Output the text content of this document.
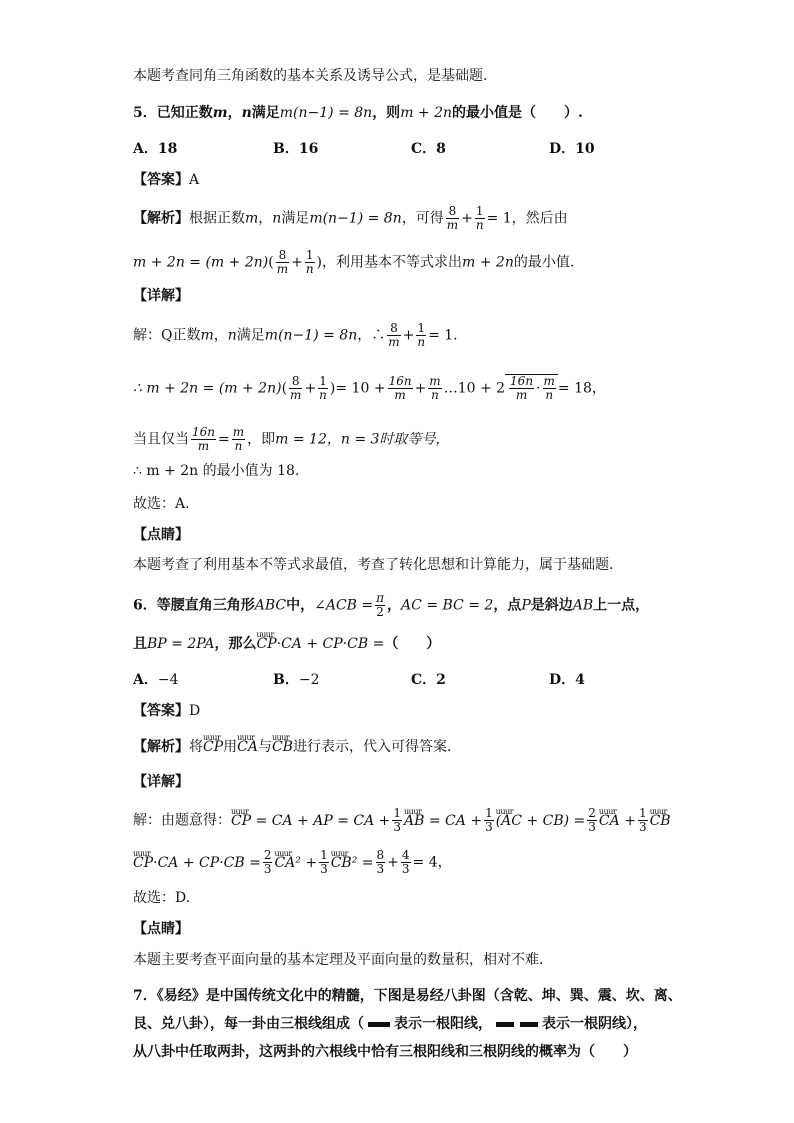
本题考查同角三角函数的基本关系及诱导公式，是基础题.
5．已知正数m，n满足m(n−1) = 8n，则m + 2n的最小值是（　　）.
A．18	B．16	C．8	D．10
【答案】A
【解析】根据正数m，n满足m(n−1) = 8n，可得 $\frac{8}{m} + \frac{1}{n} = 1$，然后由
$m + 2n = (m + 2n)( \frac{8}{m} + \frac{1}{n}$ )，利用基本不等式求出m + 2n的最小值.
【详解】
解：Q正数m，n满足m(n−1) = 8n，∴ $\frac{8}{m} + \frac{1}{n} = 1$.
∴ $m + 2n = (m + 2n)( \frac{8}{m} + \frac{1}{n}$ )= $10 + \frac{16n}{m} + \frac{m}{n}$ …10 + $2 \frac{16n}{m} \cdot \frac{m}{n} = 18$，
当且仅当 $\frac{16n}{m} = \frac{m}{n}$ ，即m = 12，n = 3时取等号，
∴ m + 2n 的最小值为 18.
故选：A.
【点睛】
本题考查了利用基本不等式求最值，考查了转化思想和计算能力，属于基础题.
6．等腰直角三角形ABC中，∠ACB = $\frac{\pi}{2}$ ，AC = BC = 2，点P是斜边AB上一点，
且BP = 2PA，那么uuur CP·CA + CP·CB =（　　）
A．−4	B．−2	C．2	D．4
【答案】D
【解析】将uuur CP用uuur CA与uuur CB进行表示，代入可得答案.
【详解】
解：由题意得：uuur CP = CA + AP = CA + $\frac{1}{3}$ uuur AB = CA + $\frac{1}{3}$ uuur $(AC + CB) = \frac{2}{3}$ uuur CA + $\frac{1}{3}$ uuur CB
uuur $CP\cdot CA + CP\cdot CB = \frac{2}{3}$ uuur $CA^2 + \frac{1}{3}$ uuur $CB^2 = \frac{8}{3} + \frac{4}{3} = 4$，
故选：D.
【点睛】
本题主要考查平面向量的基本定理及平面向量的数量积，相对不难.
7．《易经》是中国传统文化中的精髓，下图是易经八卦图（含乾、坤、巽、震、坎、离、
艮、兑八卦），每一卦由三根线组成（ 表示一根阳线，	表示一根阴线），
从八卦中任取两卦，这两卦的六根线中恰有三根阳线和三根阴线的概率为（　　）
